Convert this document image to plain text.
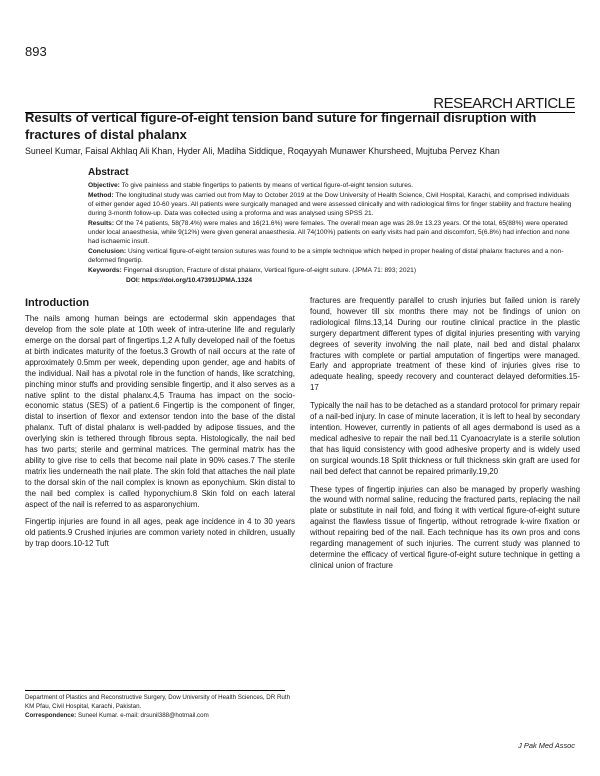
893
RESEARCH ARTICLE
Results of vertical figure-of-eight tension band suture for fingernail disruption with fractures of distal phalanx

Suneel Kumar, Faisal Akhlaq Ali Khan, Hyder Ali, Madiha Siddique, Roqayyah Munawer Khursheed, Mujtuba Pervez Khan

Abstract

Objective: To give painless and stable fingertips to patients by means of vertical figure-of-eight tension sutures.

Method: The longitudinal study was carried out from May to October 2019 at the Dow University of Health Science, Civil Hospital, Karachi, and comprised individuals of either gender aged 10-60 years. All patients were surgically managed and were assessed clinically and with radiological films for finger stability and fracture healing during 3-month follow-up. Data was collected using a proforma and was analysed using SPSS 21.

Results: Of the 74 patients, 58(78.4%) were males and 16(21.6%) were females. The overall mean age was 28.9± 13.23 years. Of the total, 65(88%) were operated under local anaesthesia, while 9(12%) were given general anaesthesia. All 74(100%) patients on early visits had pain and discomfort, 5(6.8%) had infection and none had ischaemic insult.

Conclusion: Using vertical figure-of-eight tension sutures was found to be a simple technique which helped in proper healing of distal phalanx fractures and a non-deformed fingertip.

Keywords: Fingernail disruption, Fracture of distal phalanx, Vertical figure-of-eight suture. (JPMA 71: 893; 2021)

DOI: https://doi.org/10.47391/JPMA.1324

Introduction

The nails among human beings are ectodermal skin appendages that develop from the sole plate at 10th week of intra-uterine life and regularly emerge on the dorsal part of fingertips.1,2 A fully developed nail of the foetus at birth indicates maturity of the foetus.3 Growth of nail occurs at the rate of approximately 0.5mm per week, depending upon gender, age and habits of the individual. Nail has a pivotal role in the function of hands, like scratching, pinching minor stuffs and providing sensible fingertip, and it also serves as a native splint to the distal phalanx.4,5 Trauma has impact on the socio-economic status (SES) of a patient.6 Fingertip is the component of finger, distal to insertion of flexor and extensor tendon into the base of the distal phalanx. Tuft of distal phalanx is well-padded by adipose tissues, and the overlying skin is tethered through fibrous septa. Histologically, the nail bed has two parts; sterile and germinal matrices. The germinal matrix has the ability to give rise to cells that become nail plate in 90% cases.7 The sterile matrix lies underneath the nail plate. The skin fold that attaches the nail plate to the dorsal skin of the nail complex is known as eponychium. Skin distal to the nail bed complex is called hyponychium.8 Skin fold on each lateral aspect of the nail is referred to as asparonychium.

Fingertip injuries are found in all ages, peak age incidence in 4 to 30 years old patients.9 Crushed injuries are common variety noted in children, usually by trap doors.10-12 Tuft

fractures are frequently parallel to crush injuries but failed union is rarely found, however till six months there may not be findings of union on radiological films.13,14 During our routine clinical practice in the plastic surgery department different types of digital injuries presenting with varying degrees of severity involving the nail plate, nail bed and distal phalanx fractures with complete or partial amputation of fingertips were managed. Early and appropriate treatment of these kind of injuries gives rise to adequate healing, speedy recovery and counteract delayed deformities.15-17

Typically the nail has to be detached as a standard protocol for primary repair of a nail-bed injury. In case of minute laceration, it is left to heal by secondary intention. However, currently in patients of all ages dermabond is used as a medical adhesive to repair the nail bed.11 Cyanoacrylate is a sterile solution that has liquid consistency with good adhesive property and is widely used on surgical wounds.18 Split thickness or full thickness skin graft are used for nail bed defect that cannot be repaired primarily.19,20

These types of fingertip injuries can also be managed by properly washing the wound with normal saline, reducing the fractured parts, replacing the nail plate or substitute in nail fold, and fixing it with vertical figure-of-eight suture against the flawless tissue of fingertip, without retrograde k-wire fixation or without repairing bed of the nail. Each technique has its own pros and cons regarding management of such injuries. The current study was planned to determine the efficacy of vertical figure-of-eight suture technique in getting a clinical union of fracture

Department of Plastics and Reconstructive Surgery, Dow University of Health Sciences, DR Ruth KM Pfau, Civil Hospital, Karachi, Pakistan.

Correspondence: Suneel Kumar. e-mail: drsunil388@hotmail.com

J Pak Med Assoc
